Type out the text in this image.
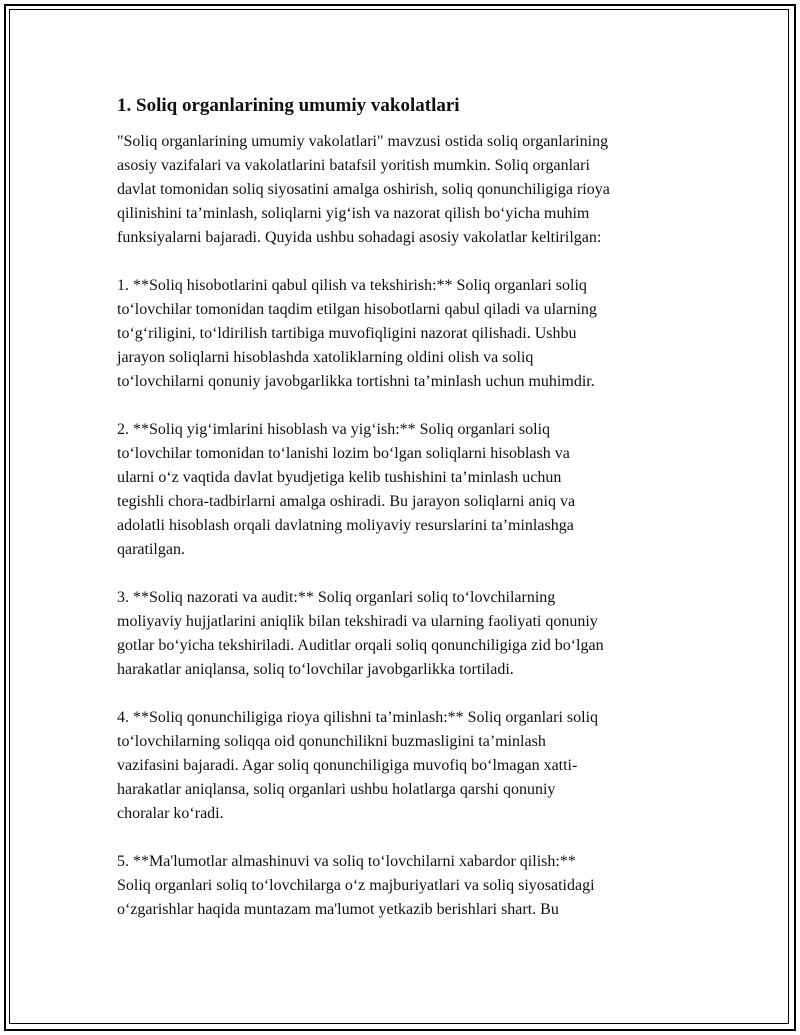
1. Soliq organlarining umumiy vakolatlari

"Soliq organlarining umumiy vakolatlari" mavzusi ostida soliq organlarining
asosiy vazifalari va vakolatlarini batafsil yoritish mumkin. Soliq organlari
davlat tomonidan soliq siyosatini amalga oshirish, soliq qonunchiligiga rioya
qilinishini ta’minlash, soliqlarni yig‘ish va nazorat qilish bo‘yicha muhim
funksiyalarni bajaradi. Quyida ushbu sohadagi asosiy vakolatlar keltirilgan:

1. **Soliq hisobotlarini qabul qilish va tekshirish:** Soliq organlari soliq
to‘lovchilar tomonidan taqdim etilgan hisobotlarni qabul qiladi va ularning
to‘g‘riligini, to‘ldirilish tartibiga muvofiqligini nazorat qilishadi. Ushbu
jarayon soliqlarni hisoblashda xatoliklarning oldini olish va soliq
to‘lovchilarni qonuniy javobgarlikka tortishni ta’minlash uchun muhimdir.

2. **Soliq yig‘imlarini hisoblash va yig‘ish:** Soliq organlari soliq
to‘lovchilar tomonidan to‘lanishi lozim bo‘lgan soliqlarni hisoblash va
ularni o‘z vaqtida davlat byudjetiga kelib tushishini ta’minlash uchun
tegishli chora-tadbirlarni amalga oshiradi. Bu jarayon soliqlarni aniq va
adolatli hisoblash orqali davlatning moliyaviy resurslarini ta’minlashga
qaratilgan.

3. **Soliq nazorati va audit:** Soliq organlari soliq to‘lovchilarning
moliyaviy hujjatlarini aniqlik bilan tekshiradi va ularning faoliyati qonuniy
gotlar bo‘yicha tekshiriladi. Auditlar orqali soliq qonunchiligiga zid bo‘lgan
harakatlar aniqlansa, soliq to‘lovchilar javobgarlikka tortiladi.

4. **Soliq qonunchiligiga rioya qilishni ta’minlash:** Soliq organlari soliq
to‘lovchilarning soliqqa oid qonunchilikni buzmasligini ta’minlash
vazifasini bajaradi. Agar soliq qonunchiligiga muvofiq bo‘lmagan xatti-
harakatlar aniqlansa, soliq organlari ushbu holatlarga qarshi qonuniy
choralar ko‘radi.

5. **Ma'lumotlar almashinuvi va soliq to‘lovchilarni xabardor qilish:**
Soliq organlari soliq to‘lovchilarga o‘z majburiyatlari va soliq siyosatidagi
o‘zgarishlar haqida muntazam ma'lumot yetkazib berishlari shart. Bu
